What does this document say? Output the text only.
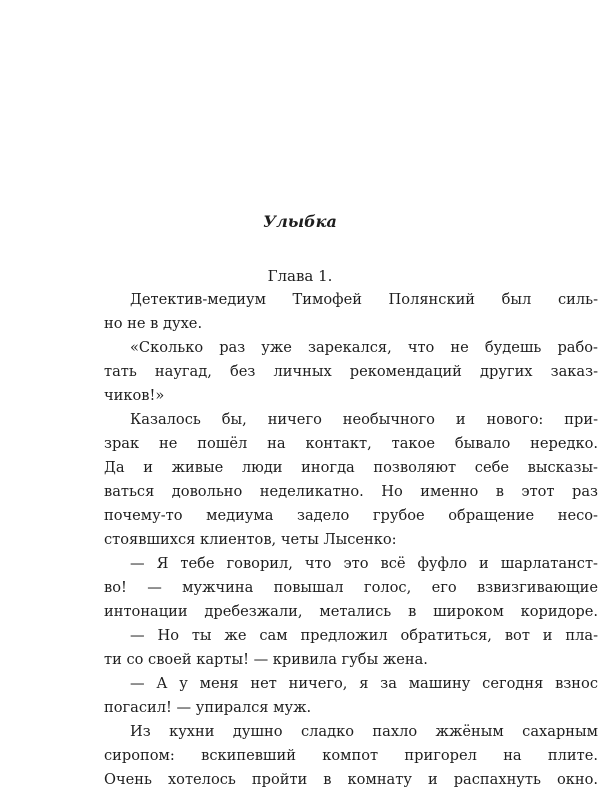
Улыбка
Глава 1.
Детектив-медиум Тимофей Полянский был силь-
но не в духе.
«Сколько раз уже зарекался, что не будешь рабо-
тать наугад, без личных рекомендаций других заказ-
чиков!»
Казалось бы, ничего необычного и нового: при-
зрак не пошёл на контакт, такое бывало нередко.
Да и живые люди иногда позволяют себе высказы-
ваться довольно неделикатно. Но именно в этот раз
почему-то медиума задело грубое обращение несо-
стоявшихся клиентов, четы Лысенко:
— Я тебе говорил, что это всё фуфло и шарлатанст-
во! — мужчина повышал голос, его взвизгивающие
интонации дребезжали, метались в широком коридоре.
— Но ты же сам предложил обратиться, вот и пла-
ти со своей карты! — кривила губы жена.
— А у меня нет ничего, я за машину сегодня взнос
погасил! — упирался муж.
Из кухни душно сладко пахло жжёным сахарным
сиропом: вскипевший компот пригорел на плите.
Очень хотелось пройти в комнату и распахнуть окно.
